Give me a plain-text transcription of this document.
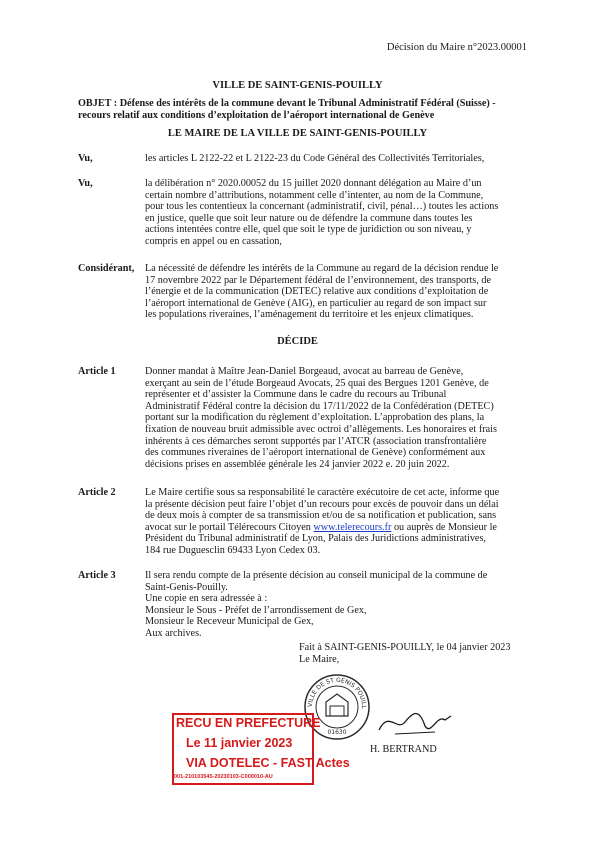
Décision du Maire n°2023.00001
VILLE DE SAINT-GENIS-POUILLY
OBJET : Défense des intérêts de la commune devant le Tribunal Administratif Fédéral (Suisse) - recours relatif aux conditions d’exploitation de l’aéroport international de Genève
LE MAIRE DE LA VILLE DE SAINT-GENIS-POUILLY
Vu,	les articles L 2122-22 et L 2122-23 du Code Général des Collectivités Territoriales,
Vu,	la délibération n° 2020.00052 du 15 juillet 2020 donnant délégation au Maire d’un
certain nombre d’attributions, notamment celle d’intenter, au nom de la Commune,
pour tous les contentieux la concernant (administratif, civil, pénal…) toutes les actions
en justice, quelle que soit leur nature ou de défendre la commune dans toutes les
actions intentées contre elle, quel que soit le type de juridiction ou son niveau, y
compris en appel ou en cassation,
Considérant, La nécessité de défendre les intérêts de la Commune au regard de la décision rendue le
17 novembre 2022 par le Département fédéral de l’environnement, des transports, de
l’énergie et de la communication (DETEC) relative aux conditions d’exploitation de
l’aéroport international de Genève (AIG), en particulier au regard de son impact sur
les populations riveraines, l’aménagement du territoire et les enjeux climatiques.
DÉCIDE
Article 1	Donner mandat à Maître Jean-Daniel Borgeaud, avocat au barreau de Genève,
exerçant au sein de l’étude Borgeaud Avocats, 25 quai des Bergues 1201 Genève, de
représenter et d’assister la Commune dans le cadre du recours au Tribunal
Administratif Fédéral contre la décision du 17/11/2022 de la Confédération (DETEC)
portant sur la modification du règlement d’exploitation. L’approbation des plans, la
fixation de nouveau bruit admissible avec octroi d’allègements. Les honoraires et frais
inhérents à ces démarches seront supportés par l’ATCR (association transfrontalière
des communes riveraines de l’aéroport international de Genève) conformément aux
décisions prises en assemblée générale les 24 janvier 2022 e. 20 juin 2022.
Article 2	Le Maire certifie sous sa responsabilité le caractère exécutoire de cet acte, informe que
la présente décision peut faire l’objet d’un recours pour excès de pouvoir dans un délai
de deux mois à compter de sa transmission et/ou de sa notification et publication, sans
avocat sur le portail Télérecours Citoyen www.telerecours.fr ou auprès de Monsieur le
Président du Tribunal administratif de Lyon, Palais des Juridictions administratives,
184 rue Duguesclin 69433 Lyon Cedex 03.
Article 3	Il sera rendu compte de la présente décision au conseil municipal de la commune de
Saint-Genis-Pouilly.
Une copie en sera adressée à :
Monsieur le Sous - Préfet de l’arrondissement de Gex,
Monsieur le Receveur Municipal de Gex,
Aux archives.
Fait à SAINT-GENIS-POUILLY, le 04 janvier 2023
Le Maire,
VILLE DE ST GENIS POUILL
01630
H. BERTRAND
RECU EN PREFECTURE
Le 11 janvier 2023
VIA DOTELEC - FAST Actes
001-210103545-20230103-C000010-AU
